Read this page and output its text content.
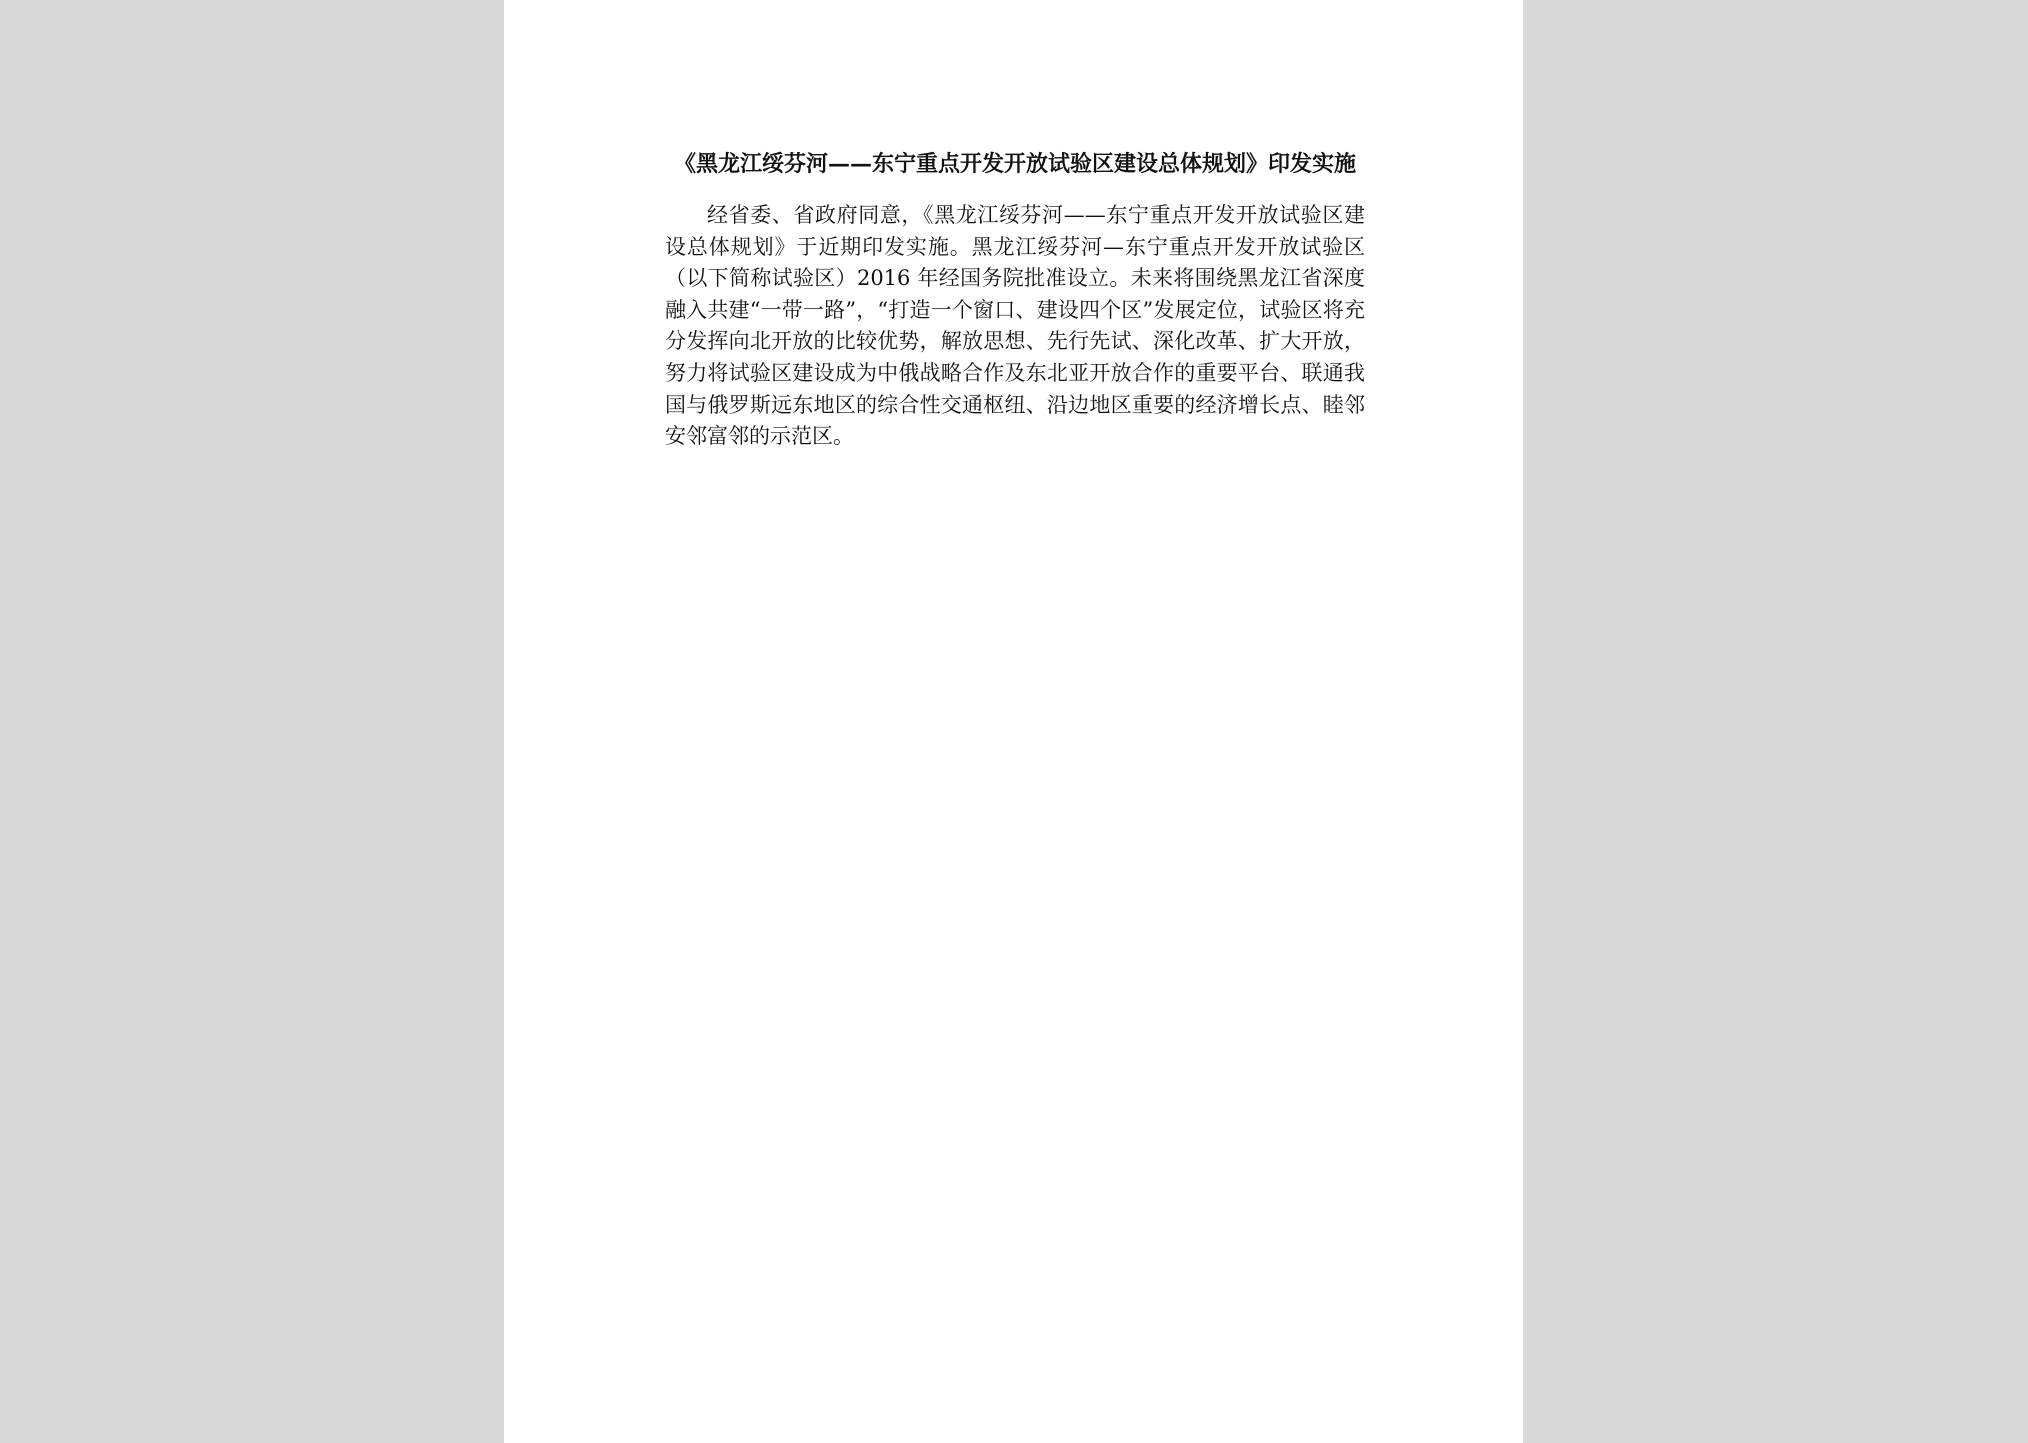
《黑龙江绥芬河——东宁重点开发开放试验区建设总体规划》印发实施

经省委、省政府同意，《黑龙江绥芬河——东宁重点开发开放试验区建设总体规划》于近期印发实施。黑龙江绥芬河—东宁重点开发开放试验区（以下简称试验区）2016 年经国务院批准设立。未来将围绕黑龙江省深度融入共建“一带一路”，“打造一个窗口、建设四个区”发展定位，试验区将充分发挥向北开放的比较优势，解放思想、先行先试、深化改革、扩大开放，努力将试验区建设成为中俄战略合作及东北亚开放合作的重要平台、联通我国与俄罗斯远东地区的综合性交通枢纽、沿边地区重要的经济增长点、睦邻安邻富邻的示范区。
